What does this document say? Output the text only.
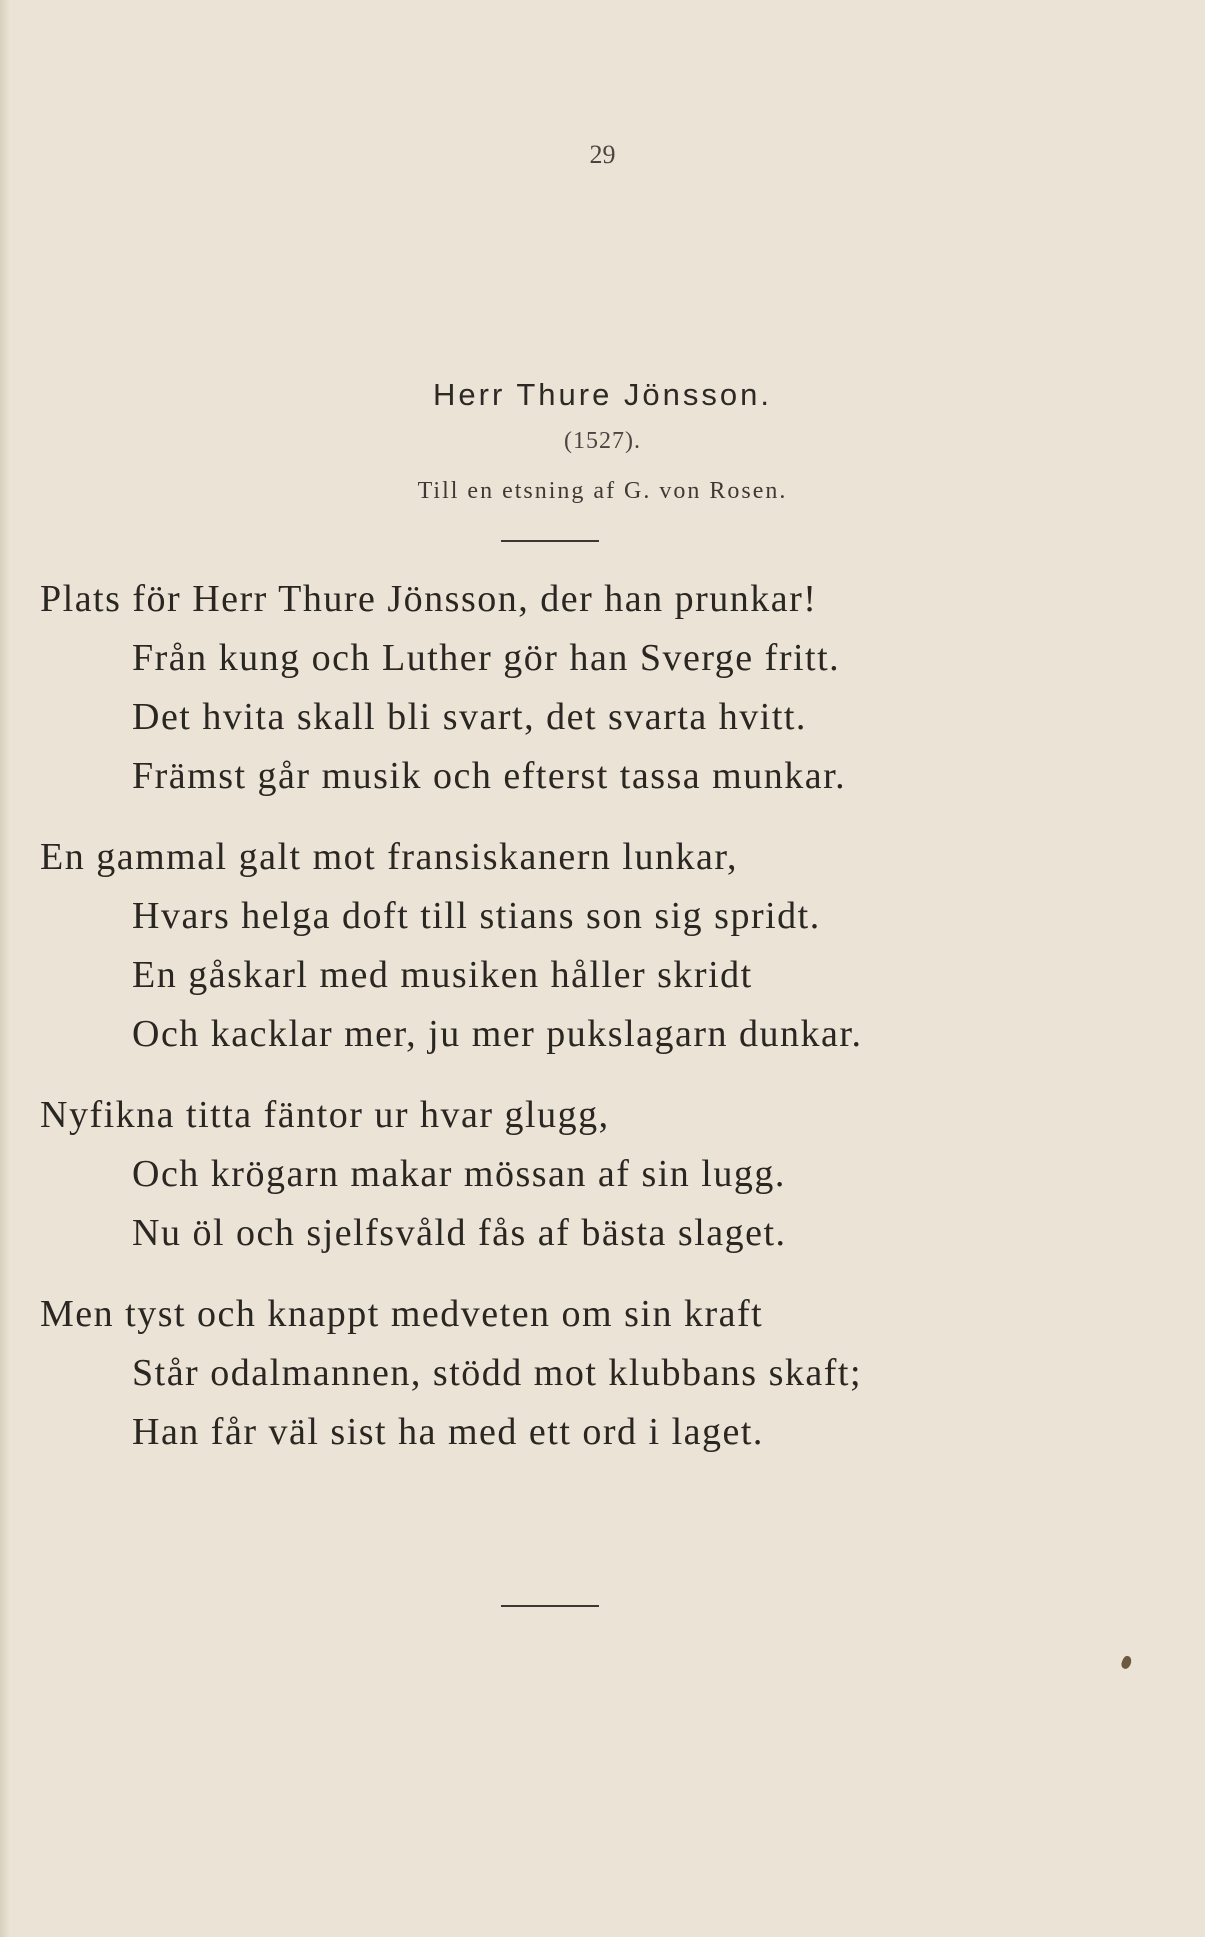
29
Herr Thure Jönsson.
(1527).
Till en etsning af G. von Rosen.
Plats för Herr Thure Jönsson, der han prunkar!
Från kung och Luther gör han Sverge fritt.
Det hvita skall bli svart, det svarta hvitt.
Främst går musik och efterst tassa munkar.
En gammal galt mot fransiskanern lunkar,
Hvars helga doft till stians son sig spridt.
En gåskarl med musiken håller skridt
Och kacklar mer, ju mer pukslagarn dunkar.
Nyfikna titta fäntor ur hvar glugg,
Och krögarn makar mössan af sin lugg.
Nu öl och sjelfsvåld fås af bästa slaget.
Men tyst och knappt medveten om sin kraft
Står odalmannen, stödd mot klubbans skaft;
Han får väl sist ha med ett ord i laget.
